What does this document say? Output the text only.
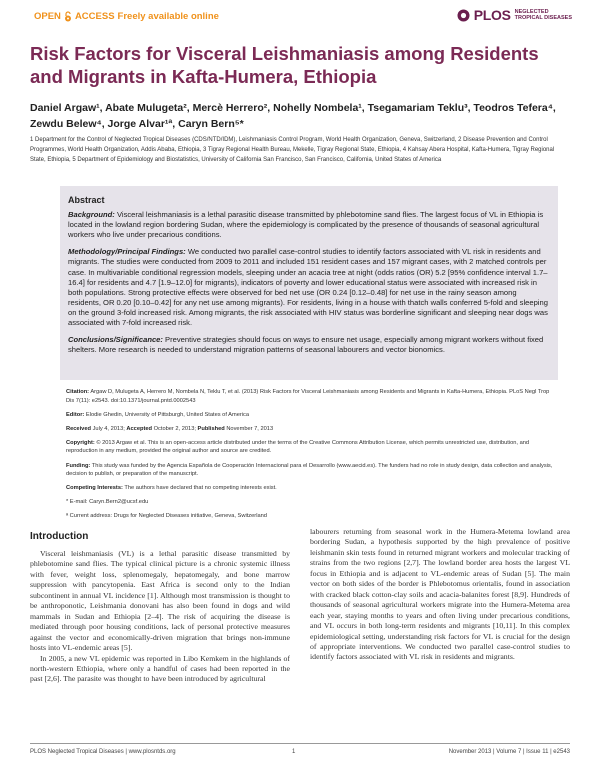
OPEN ACCESS Freely available online	PLOS NEGLECTED
TROPICAL DISEASES
Risk Factors for Visceral Leishmaniasis among Residents and Migrants in Kafta-Humera, Ethiopia
Daniel Argaw¹, Abate Mulugeta², Mercè Herrero², Nohelly Nombela¹, Tsegamariam Teklu³, Teodros Tefera⁴, Zewdu Belew⁴, Jorge Alvar¹ª, Caryn Bern⁵*
1 Department for the Control of Neglected Tropical Diseases (CDS/NTD/IDM), Leishmaniasis Control Program, World Health Organization, Geneva, Switzerland, 2 Disease Prevention and Control Programmes, World Health Organization, Addis Ababa, Ethiopia, 3 Tigray Regional Health Bureau, Mekelle, Tigray Regional State, Ethiopia, 4 Kahsay Abera Hospital, Kafta-Humera, Tigray Regional State, Ethiopia, 5 Department of Epidemiology and Biostatistics, University of California San Francisco, San Francisco, California, United States of America
Abstract

Background: Visceral leishmaniasis is a lethal parasitic disease transmitted by phlebotomine sand flies. The largest focus of VL in Ethiopia is located in the lowland region bordering Sudan, where the epidemiology is complicated by the presence of thousands of seasonal agricultural workers who live under precarious conditions.

Methodology/Principal Findings: We conducted two parallel case-control studies to identify factors associated with VL risk in residents and migrants. The studies were conducted from 2009 to 2011 and included 151 resident cases and 157 migrant cases, with 2 matched controls per case. In multivariable conditional regression models, sleeping under an acacia tree at night (odds ratios (OR) 5.2 [95% confidence interval 1.7–16.4] for residents and 4.7 [1.9–12.0] for migrants), indicators of poverty and lower educational status were associated with increased risk in both populations. Strong protective effects were observed for bed net use (OR 0.24 [0.12–0.48] for net use in the rainy season among residents, OR 0.20 [0.10–0.42] for any net use among migrants). For residents, living in a house with thatch walls conferred 5-fold and sleeping on the ground 3-fold increased risk. Among migrants, the risk associated with HIV status was borderline significant and sleeping near dogs was associated with 7-fold increased risk.

Conclusions/Significance: Preventive strategies should focus on ways to ensure net usage, especially among migrant workers without fixed shelters. More research is needed to understand migration patterns of seasonal labourers and vector bionomics.

Citation: Argaw D, Mulugeta A, Herrero M, Nombela N, Teklu T, et al. (2013) Risk Factors for Visceral Leishmaniasis among Residents and Migrants in Kafta-Humera, Ethiopia. PLoS Negl Trop Dis 7(11): e2543. doi:10.1371/journal.pntd.0002543

Editor: Elodie Ghedin, University of Pittsburgh, United States of America

Received July 4, 2013; Accepted October 2, 2013; Published November 7, 2013

Copyright: © 2013 Argaw et al. This is an open-access article distributed under the terms of the Creative Commons Attribution License, which permits unrestricted use, distribution, and reproduction in any medium, provided the original author and source are credited.

Funding: This study was funded by the Agencia Española de Cooperación Internacional para el Desarrollo (www.aecid.es). The funders had no role in study design, data collection and analysis, decision to publish, or preparation of the manuscript.

Competing Interests: The authors have declared that no competing interests exist.

* E-mail: Caryn.Bern2@ucsf.edu

ª Current address: Drugs for Neglected Diseases initiative, Geneva, Switzerland

Introduction

Visceral leishmaniasis (VL) is a lethal parasitic disease transmitted by phlebotomine sand flies. The typical clinical picture is a chronic systemic illness with fever, weight loss, splenomegaly, hepatomegaly, and bone marrow suppression with pancytopenia. East Africa is second only to the Indian subcontinent in annual VL incidence [1]. Although most transmission is thought to be anthroponotic, Leishmania donovani has also been found in dogs and wild mammals in Sudan and Ethiopia [2–4]. The risk of acquiring the disease is mediated through poor housing conditions, lack of personal protective measures against the vector and economically-driven migration that brings non-immune hosts into VL-endemic areas [5].

In 2005, a new VL epidemic was reported in Libo Kemkem in the highlands of north-western Ethiopia, where only a handful of cases had been reported in the past [2,6]. The parasite was thought to have been introduced by agricultural

labourers returning from seasonal work in the Humera-Metema lowland area bordering Sudan, a hypothesis supported by the high prevalence of positive leishmanin skin tests found in returned migrant workers and molecular tracking of strains from the two regions [2,7]. The lowland border area hosts the largest VL focus in Ethiopia and is adjacent to VL-endemic areas of Sudan [5]. The main vector on both sides of the border is Phlebotomus orientalis, found in association with cracked black cotton-clay soils and acacia-balanites forest [8,9]. Hundreds of thousands of seasonal agricultural workers migrate into the Humera-Metema area each year, staying months to years and often living under precarious conditions, and VL occurs in both long-term residents and migrants [10,11]. In this complex epidemiological setting, understanding risk factors for VL is crucial for the design of appropriate interventions. We conducted two parallel case-control studies to identify factors associated with VL risk in residents and migrants.

PLOS Neglected Tropical Diseases | www.plosntds.org	1	November 2013 | Volume 7 | Issue 11 | e2543
